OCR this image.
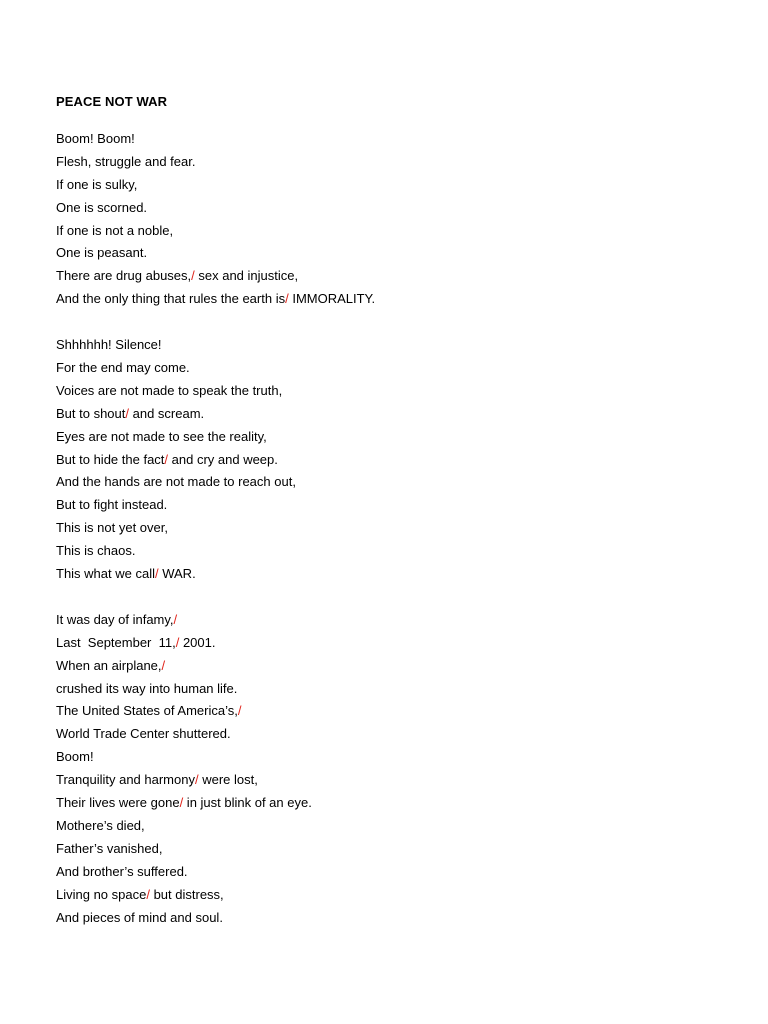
PEACE NOT WAR
Boom! Boom!
Flesh, struggle and fear.
If one is sulky,
One is scorned.
If one is not a noble,
One is peasant.
There are drug abuses,/ sex and injustice,
And the only thing that rules the earth is/ IMMORALITY.
Shhhhhh! Silence!
For the end may come.
Voices are not made to speak the truth,
But to shout/ and scream.
Eyes are not made to see the reality,
But to hide the fact/ and cry and weep.
And the hands are not made to reach out,
But to fight instead.
This is not yet over,
This is chaos.
This what we call/ WAR.
It was day of infamy,/
Last  September  11,/ 2001.
When an airplane,/
crushed its way into human life.
The United States of America’s,/
World Trade Center shuttered.
Boom!
Tranquility and harmony/ were lost,
Their lives were gone/ in just blink of an eye.
Mothere’s died,
Father’s vanished,
And brother’s suffered.
Living no space/ but distress,
And pieces of mind and soul.
